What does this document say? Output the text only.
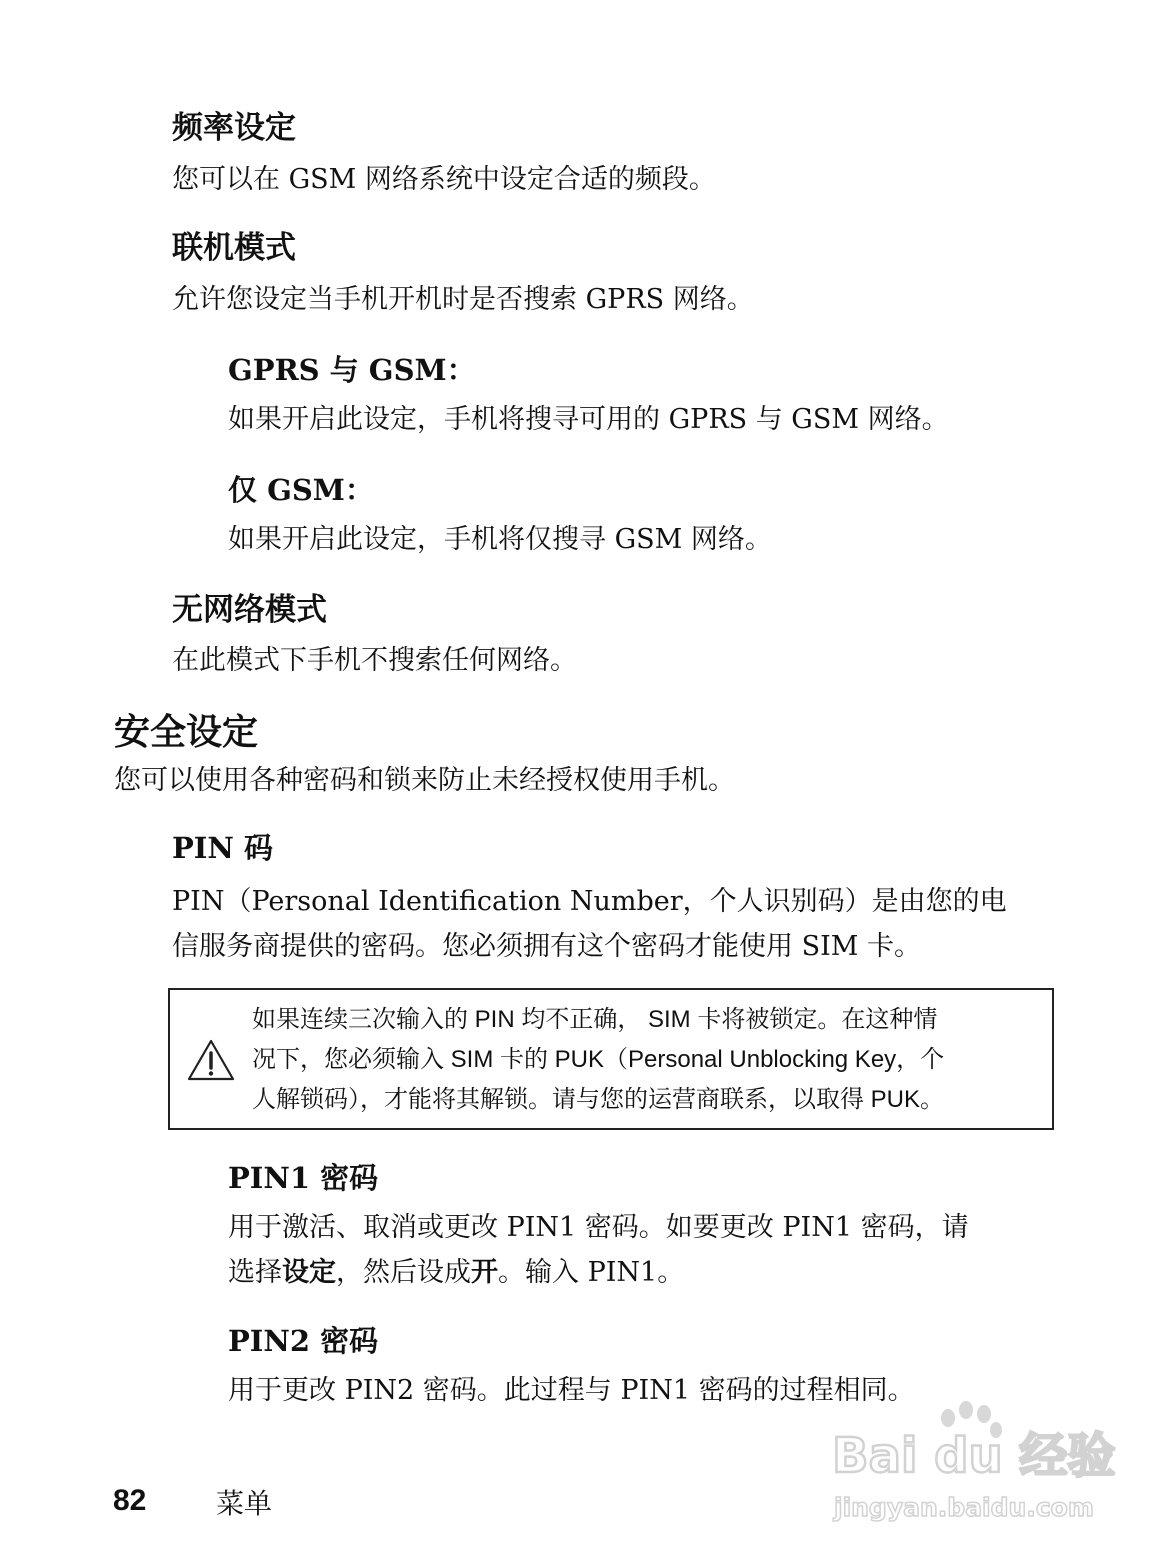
频率设定
您可以在 GSM 网络系统中设定合适的频段。
联机模式
允许您设定当手机开机时是否搜索 GPRS 网络。
GPRS 与 GSM：
如果开启此设定，手机将搜寻可用的 GPRS 与 GSM 网络。
仅 GSM：
如果开启此设定，手机将仅搜寻 GSM 网络。
无网络模式
在此模式下手机不搜索任何网络。
安全设定
您可以使用各种密码和锁来防止未经授权使用手机。
PIN 码
PIN（Personal Identification Number，个人识别码）是由您的电
信服务商提供的密码。您必须拥有这个密码才能使用 SIM 卡。
如果连续三次输入的 PIN 均不正确， SIM 卡将被锁定。在这种情
况下，您必须输入 SIM 卡的 PUK（Personal Unblocking Key，个
人解锁码），才能将其解锁。请与您的运营商联系，以取得 PUK。
PIN1 密码
用于激活、取消或更改 PIN1 密码。如要更改 PIN1 密码，请
选择设定，然后设成开。输入 PIN1。
PIN2 密码
用于更改 PIN2 密码。此过程与 PIN1 密码的过程相同。
82 菜单
Bai du 经验
jingyan.baidu.com
